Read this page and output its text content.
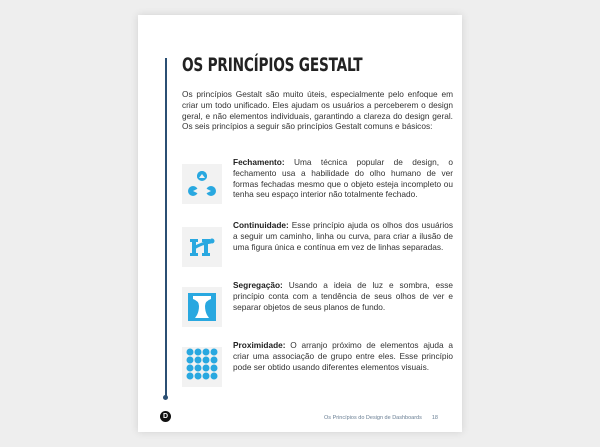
OS PRINCÍPIOS GESTALT

Os princípios Gestalt são muito úteis, especialmente pelo enfoque em criar um todo unificado. Eles ajudam os usuários a perceberem o design geral, e não elementos individuais, garantindo a clareza do design geral. Os seis princípios a seguir são princípios Gestalt comuns e básicos:

Fechamento: Uma técnica popular de design, o fechamento usa a habilidade do olho humano de ver formas fechadas mesmo que o objeto esteja incompleto ou tenha seu espaço interior não totalmente fechado.

Continuidade: Esse princípio ajuda os olhos dos usuários a seguir um caminho, linha ou curva, para criar a ilusão de uma figura única e contínua em vez de linhas separadas.

Segregação: Usando a ideia de luz e sombra, esse princípio conta com a tendência de seus olhos de ver e separar objetos de seus planos de fundo.

Proximidade: O arranjo próximo de elementos ajuda a criar uma associação de grupo entre eles. Esse princípio pode ser obtido usando diferentes elementos visuais.

D	Os Princípios do Design de Dashboards 18
